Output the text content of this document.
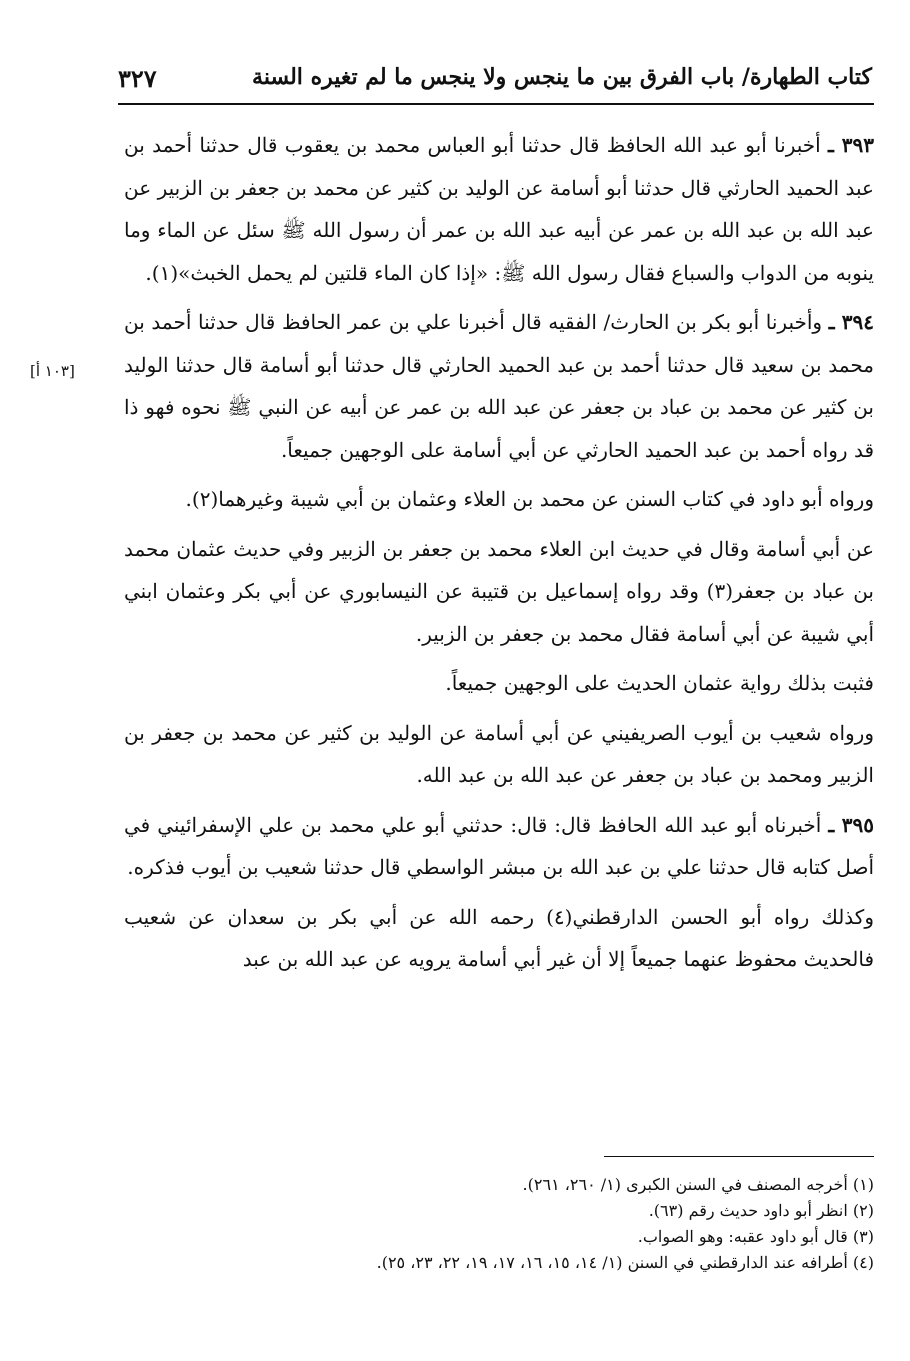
كتاب الطهارة/ باب الفرق بين ما ينجس ولا ينجس ما لم تغيره السنة
٣٢٧
[١٠٣ أ]

٣٩٣ ـ أخبرنا أبو عبد الله الحافظ قال حدثنا أبو العباس محمد بن يعقوب قال حدثنا أحمد بن عبد الحميد الحارثي قال حدثنا أبو أسامة عن الوليد بن كثير عن محمد بن جعفر بن الزبير عن عبد الله بن عبد الله بن عمر عن أبيه عبد الله بن عمر أن رسول الله ﷺ سئل عن الماء وما ينوبه من الدواب والسباع فقال رسول الله ﷺ: «إذا كان الماء قلتين لم يحمل الخبث»(١).

٣٩٤ ـ وأخبرنا أبو بكر بن الحارث/ الفقيه قال أخبرنا علي بن عمر الحافظ قال حدثنا أحمد بن محمد بن سعيد قال حدثنا أحمد بن عبد الحميد الحارثي قال حدثنا أبو أسامة قال حدثنا الوليد بن كثير عن محمد بن عباد بن جعفر عن عبد الله بن عمر عن أبيه عن النبي ﷺ نحوه فهو ذا قد رواه أحمد بن عبد الحميد الحارثي عن أبي أسامة على الوجهين جميعاً.

ورواه أبو داود في كتاب السنن عن محمد بن العلاء وعثمان بن أبي شيبة وغيرهما(٢).

عن أبي أسامة وقال في حديث ابن العلاء محمد بن جعفر بن الزبير وفي حديث عثمان محمد بن عباد بن جعفر(٣) وقد رواه إسماعيل بن قتيبة عن النيسابوري عن أبي بكر وعثمان ابني أبي شيبة عن أبي أسامة فقال محمد بن جعفر بن الزبير.

فثبت بذلك رواية عثمان الحديث على الوجهين جميعاً.

ورواه شعيب بن أيوب الصريفيني عن أبي أسامة عن الوليد بن كثير عن محمد بن جعفر بن الزبير ومحمد بن عباد بن جعفر عن عبد الله بن عبد الله.

٣٩٥ ـ أخبرناه أبو عبد الله الحافظ قال: قال: حدثني أبو علي محمد بن علي الإسفرائيني في أصل كتابه قال حدثنا علي بن عبد الله بن مبشر الواسطي قال حدثنا شعيب بن أيوب فذكره.

وكذلك رواه أبو الحسن الدارقطني(٤) رحمه الله عن أبي بكر بن سعدان عن شعيب فالحديث محفوظ عنهما جميعاً إلا أن غير أبي أسامة يرويه عن عبد الله بن عبد

(١) أخرجه المصنف في السنن الكبرى (١/ ٢٦٠، ٢٦١).

(٢) انظر أبو داود حديث رقم (٦٣).

(٣) قال أبو داود عقبه: وهو الصواب.

(٤) أطرافه عند الدارقطني في السنن (١/ ١٤، ١٥، ١٦، ١٧، ١٩، ٢٢، ٢٣، ٢٥).
